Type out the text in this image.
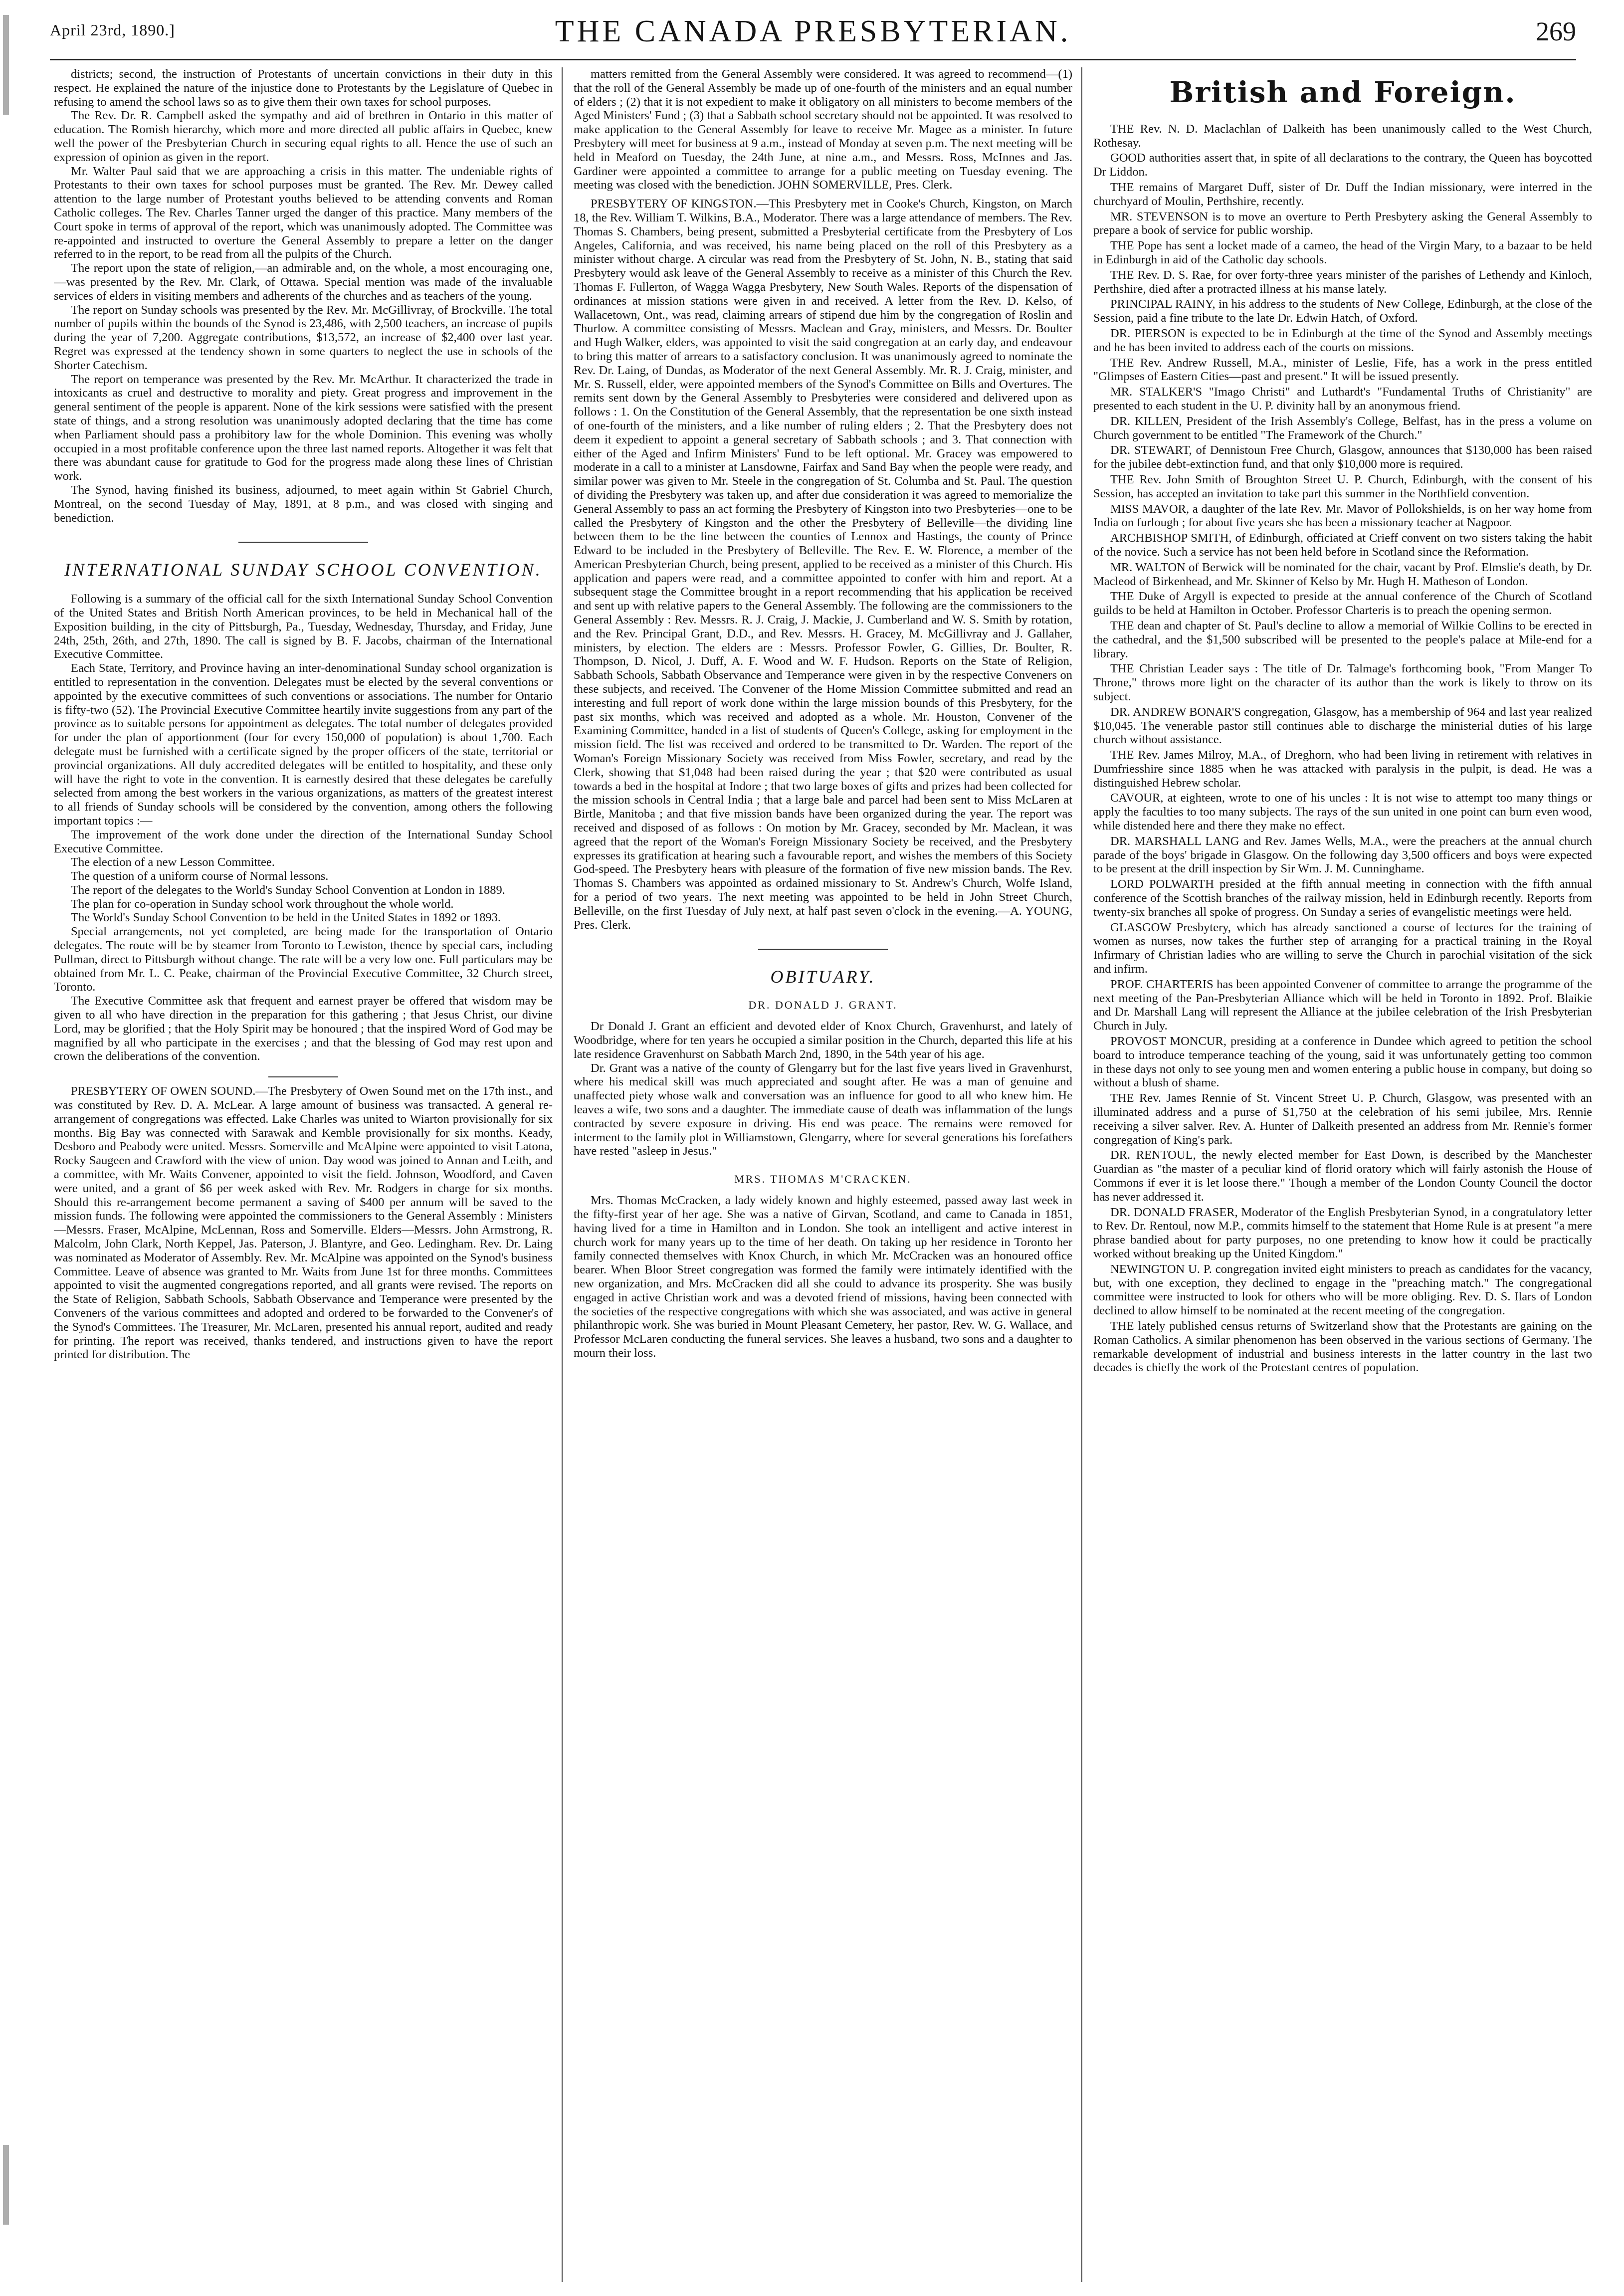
April 23rd, 1890.]	THE CANADA PRESBYTERIAN.	269

districts; second, the instruction of Protestants of uncertain convictions in their duty in this respect. He explained the nature of the injustice done to Protestants by the Legislature of Quebec in refusing to amend the school laws so as to give them their own taxes for school purposes.

The Rev. Dr. R. Campbell asked the sympathy and aid of brethren in Ontario in this matter of education. The Romish hierarchy, which more and more directed all public affairs in Quebec, knew well the power of the Presbyterian Church in securing equal rights to all. Hence the use of such an expression of opinion as given in the report.

Mr. Walter Paul said that we are approaching a crisis in this matter. The undeniable rights of Protestants to their own taxes for school purposes must be granted. The Rev. Mr. Dewey called attention to the large number of Protestant youths believed to be attending convents and Roman Catholic colleges. The Rev. Charles Tanner urged the danger of this practice. Many members of the Court spoke in terms of approval of the report, which was unanimously adopted. The Committee was re-appointed and instructed to overture the General Assembly to prepare a letter on the danger referred to in the report, to be read from all the pulpits of the Church.

The report upon the state of religion,—an admirable and, on the whole, a most encouraging one,—was presented by the Rev. Mr. Clark, of Ottawa. Special mention was made of the invaluable services of elders in visiting members and adherents of the churches and as teachers of the young.

The report on Sunday schools was presented by the Rev. Mr. McGillivray, of Brockville. The total number of pupils within the bounds of the Synod is 23,486, with 2,500 teachers, an increase of pupils during the year of 7,200. Aggregate contributions, $13,572, an increase of $2,400 over last year. Regret was expressed at the tendency shown in some quarters to neglect the use in schools of the Shorter Catechism.

The report on temperance was presented by the Rev. Mr. McArthur. It characterized the trade in intoxicants as cruel and destructive to morality and piety. Great progress and improvement in the general sentiment of the people is apparent. None of the kirk sessions were satisfied with the present state of things, and a strong resolution was unanimously adopted declaring that the time has come when Parliament should pass a prohibitory law for the whole Dominion. This evening was wholly occupied in a most profitable conference upon the three last named reports. Altogether it was felt that there was abundant cause for gratitude to God for the progress made along these lines of Christian work.

The Synod, having finished its business, adjourned, to meet again within St Gabriel Church, Montreal, on the second Tuesday of May, 1891, at 8 p.m., and was closed with singing and benediction.

INTERNATIONAL SUNDAY SCHOOL CONVENTION.

Following is a summary of the official call for the sixth International Sunday School Convention of the United States and British North American provinces, to be held in Mechanical hall of the Exposition building, in the city of Pittsburgh, Pa., Tuesday, Wednesday, Thursday, and Friday, June 24th, 25th, 26th, and 27th, 1890. The call is signed by B. F. Jacobs, chairman of the International Executive Committee.

Each State, Territory, and Province having an inter-denominational Sunday school organization is entitled to representation in the convention. Delegates must be elected by the several conventions or appointed by the executive committees of such conventions or associations. The number for Ontario is fifty-two (52). The Provincial Executive Committee heartily invite suggestions from any part of the province as to suitable persons for appointment as delegates. The total number of delegates provided for under the plan of apportionment (four for every 150,000 of population) is about 1,700. Each delegate must be furnished with a certificate signed by the proper officers of the state, territorial or provincial organizations. All duly accredited delegates will be entitled to hospitality, and these only will have the right to vote in the convention. It is earnestly desired that these delegates be carefully selected from among the best workers in the various organizations, as matters of the greatest interest to all friends of Sunday schools will be considered by the convention, among others the following important topics :—

The improvement of the work done under the direction of the International Sunday School Executive Committee.

The election of a new Lesson Committee.

The question of a uniform course of Normal lessons.

The report of the delegates to the World's Sunday School Convention at London in 1889.

The plan for co-operation in Sunday school work throughout the whole world.

The World's Sunday School Convention to be held in the United States in 1892 or 1893.

Special arrangements, not yet completed, are being made for the transportation of Ontario delegates. The route will be by steamer from Toronto to Lewiston, thence by special cars, including Pullman, direct to Pittsburgh without change. The rate will be a very low one. Full particulars may be obtained from Mr. L. C. Peake, chairman of the Provincial Executive Committee, 32 Church street, Toronto.

The Executive Committee ask that frequent and earnest prayer be offered that wisdom may be given to all who have direction in the preparation for this gathering ; that Jesus Christ, our divine Lord, may be glorified ; that the Holy Spirit may be honoured ; that the inspired Word of God may be magnified by all who participate in the exercises ; and that the blessing of God may rest upon and crown the deliberations of the convention.

PRESBYTERY OF OWEN SOUND.—The Presbytery of Owen Sound met on the 17th inst., and was constituted by Rev. D. A. McLear. A large amount of business was transacted. A general re-arrangement of congregations was effected. Lake Charles was united to Wiarton provisionally for six months. Big Bay was connected with Sarawak and Kemble provisionally for six months. Keady, Desboro and Peabody were united. Messrs. Somerville and McAlpine were appointed to visit Latona, Rocky Saugeen and Crawford with the view of union. Day wood was joined to Annan and Leith, and a committee, with Mr. Waits Convener, appointed to visit the field. Johnson, Woodford, and Caven were united, and a grant of $6 per week asked with Rev. Mr. Rodgers in charge for six months. Should this re-arrangement become permanent a saving of $400 per annum will be saved to the mission funds. The following were appointed the commissioners to the General Assembly : Ministers—Messrs. Fraser, McAlpine, McLennan, Ross and Somerville. Elders—Messrs. John Armstrong, R. Malcolm, John Clark, North Keppel, Jas. Paterson, J. Blantyre, and Geo. Ledingham. Rev. Dr. Laing was nominated as Moderator of Assembly. Rev. Mr. McAlpine was appointed on the Synod's business Committee. Leave of absence was granted to Mr. Waits from June 1st for three months. Committees appointed to visit the augmented congregations reported, and all grants were revised. The reports on the State of Religion, Sabbath Schools, Sabbath Observance and Temperance were presented by the Conveners of the various committees and adopted and ordered to be forwarded to the Convener's of the Synod's Committees. The Treasurer, Mr. McLaren, presented his annual report, audited and ready for printing. The report was received, thanks tendered, and instructions given to have the report printed for distribution. The

matters remitted from the General Assembly were considered. It was agreed to recommend—(1) that the roll of the General Assembly be made up of one-fourth of the ministers and an equal number of elders ; (2) that it is not expedient to make it obligatory on all ministers to become members of the Aged Ministers' Fund ; (3) that a Sabbath school secretary should not be appointed. It was resolved to make application to the General Assembly for leave to receive Mr. Magee as a minister. In future Presbytery will meet for business at 9 a.m., instead of Monday at seven p.m. The next meeting will be held in Meaford on Tuesday, the 24th June, at nine a.m., and Messrs. Ross, McInnes and Jas. Gardiner were appointed a committee to arrange for a public meeting on Tuesday evening. The meeting was closed with the benediction. JOHN SOMERVILLE, Pres. Clerk.

PRESBYTERY OF KINGSTON.—This Presbytery met in Cooke's Church, Kingston, on March 18, the Rev. William T. Wilkins, B.A., Moderator. There was a large attendance of members. The Rev. Thomas S. Chambers, being present, submitted a Presbyterial certificate from the Presbytery of Los Angeles, California, and was received, his name being placed on the roll of this Presbytery as a minister without charge. A circular was read from the Presbytery of St. John, N. B., stating that said Presbytery would ask leave of the General Assembly to receive as a minister of this Church the Rev. Thomas F. Fullerton, of Wagga Wagga Presbytery, New South Wales. Reports of the dispensation of ordinances at mission stations were given in and received. A letter from the Rev. D. Kelso, of Wallacetown, Ont., was read, claiming arrears of stipend due him by the congregation of Roslin and Thurlow. A committee consisting of Messrs. Maclean and Gray, ministers, and Messrs. Dr. Boulter and Hugh Walker, elders, was appointed to visit the said congregation at an early day, and endeavour to bring this matter of arrears to a satisfactory conclusion. It was unanimously agreed to nominate the Rev. Dr. Laing, of Dundas, as Moderator of the next General Assembly. Mr. R. J. Craig, minister, and Mr. S. Russell, elder, were appointed members of the Synod's Committee on Bills and Overtures. The remits sent down by the General Assembly to Presbyteries were considered and delivered upon as follows : 1. On the Constitution of the General Assembly, that the representation be one sixth instead of one-fourth of the ministers, and a like number of ruling elders ; 2. That the Presbytery does not deem it expedient to appoint a general secretary of Sabbath schools ; and 3. That connection with either of the Aged and Infirm Ministers' Fund to be left optional. Mr. Gracey was empowered to moderate in a call to a minister at Lansdowne, Fairfax and Sand Bay when the people were ready, and similar power was given to Mr. Steele in the congregation of St. Columba and St. Paul. The question of dividing the Presbytery was taken up, and after due consideration it was agreed to memorialize the General Assembly to pass an act forming the Presbytery of Kingston into two Presbyteries—one to be called the Presbytery of Kingston and the other the Presbytery of Belleville—the dividing line between them to be the line between the counties of Lennox and Hastings, the county of Prince Edward to be included in the Presbytery of Belleville. The Rev. E. W. Florence, a member of the American Presbyterian Church, being present, applied to be received as a minister of this Church. His application and papers were read, and a committee appointed to confer with him and report. At a subsequent stage the Committee brought in a report recommending that his application be received and sent up with relative papers to the General Assembly. The following are the commissioners to the General Assembly : Rev. Messrs. R. J. Craig, J. Mackie, J. Cumberland and W. S. Smith by rotation, and the Rev. Principal Grant, D.D., and Rev. Messrs. H. Gracey, M. McGillivray and J. Gallaher, ministers, by election. The elders are : Messrs. Professor Fowler, G. Gillies, Dr. Boulter, R. Thompson, D. Nicol, J. Duff, A. F. Wood and W. F. Hudson. Reports on the State of Religion, Sabbath Schools, Sabbath Observance and Temperance were given in by the respective Conveners on these subjects, and received. The Convener of the Home Mission Committee submitted and read an interesting and full report of work done within the large mission bounds of this Presbytery, for the past six months, which was received and adopted as a whole. Mr. Houston, Convener of the Examining Committee, handed in a list of students of Queen's College, asking for employment in the mission field. The list was received and ordered to be transmitted to Dr. Warden. The report of the Woman's Foreign Missionary Society was received from Miss Fowler, secretary, and read by the Clerk, showing that $1,048 had been raised during the year ; that $20 were contributed as usual towards a bed in the hospital at Indore ; that two large boxes of gifts and prizes had been collected for the mission schools in Central India ; that a large bale and parcel had been sent to Miss McLaren at Birtle, Manitoba ; and that five mission bands have been organized during the year. The report was received and disposed of as follows : On motion by Mr. Gracey, seconded by Mr. Maclean, it was agreed that the report of the Woman's Foreign Missionary Society be received, and the Presbytery expresses its gratification at hearing such a favourable report, and wishes the members of this Society God-speed. The Presbytery hears with pleasure of the formation of five new mission bands. The Rev. Thomas S. Chambers was appointed as ordained missionary to St. Andrew's Church, Wolfe Island, for a period of two years. The next meeting was appointed to be held in John Street Church, Belleville, on the first Tuesday of July next, at half past seven o'clock in the evening.—A. YOUNG, Pres. Clerk.

OBITUARY.
DR. DONALD J. GRANT.

Dr Donald J. Grant an efficient and devoted elder of Knox Church, Gravenhurst, and lately of Woodbridge, where for ten years he occupied a similar position in the Church, departed this life at his late residence Gravenhurst on Sabbath March 2nd, 1890, in the 54th year of his age.

Dr. Grant was a native of the county of Glengarry but for the last five years lived in Gravenhurst, where his medical skill was much appreciated and sought after. He was a man of genuine and unaffected piety whose walk and conversation was an influence for good to all who knew him. He leaves a wife, two sons and a daughter. The immediate cause of death was inflammation of the lungs contracted by severe exposure in driving. His end was peace. The remains were removed for interment to the family plot in Williamstown, Glengarry, where for several generations his forefathers have rested "asleep in Jesus."

MRS. THOMAS M'CRACKEN.

Mrs. Thomas McCracken, a lady widely known and highly esteemed, passed away last week in the fifty-first year of her age. She was a native of Girvan, Scotland, and came to Canada in 1851, having lived for a time in Hamilton and in London. She took an intelligent and active interest in church work for many years up to the time of her death. On taking up her residence in Toronto her family connected themselves with Knox Church, in which Mr. McCracken was an honoured office bearer. When Bloor Street congregation was formed the family were intimately identified with the new organization, and Mrs. McCracken did all she could to advance its prosperity. She was busily engaged in active Christian work and was a devoted friend of missions, having been connected with the societies of the respective congregations with which she was associated, and was active in general philanthropic work. She was buried in Mount Pleasant Cemetery, her pastor, Rev. W. G. Wallace, and Professor McLaren conducting the funeral services. She leaves a husband, two sons and a daughter to mourn their loss.

British and Foreign.

THE Rev. N. D. Maclachlan of Dalkeith has been unanimously called to the West Church, Rothesay.

GOOD authorities assert that, in spite of all declarations to the contrary, the Queen has boycotted Dr Liddon.

THE remains of Margaret Duff, sister of Dr. Duff the Indian missionary, were interred in the churchyard of Moulin, Perthshire, recently.

MR. STEVENSON is to move an overture to Perth Presbytery asking the General Assembly to prepare a book of service for public worship.

THE Pope has sent a locket made of a cameo, the head of the Virgin Mary, to a bazaar to be held in Edinburgh in aid of the Catholic day schools.

THE Rev. D. S. Rae, for over forty-three years minister of the parishes of Lethendy and Kinloch, Perthshire, died after a protracted illness at his manse lately.

PRINCIPAL RAINY, in his address to the students of New College, Edinburgh, at the close of the Session, paid a fine tribute to the late Dr. Edwin Hatch, of Oxford.

DR. PIERSON is expected to be in Edinburgh at the time of the Synod and Assembly meetings and he has been invited to address each of the courts on missions.

THE Rev. Andrew Russell, M.A., minister of Leslie, Fife, has a work in the press entitled "Glimpses of Eastern Cities—past and present." It will be issued presently.

MR. STALKER'S "Imago Christi" and Luthardt's "Fundamental Truths of Christianity" are presented to each student in the U. P. divinity hall by an anonymous friend.

DR. KILLEN, President of the Irish Assembly's College, Belfast, has in the press a volume on Church government to be entitled "The Framework of the Church."

DR. STEWART, of Dennistoun Free Church, Glasgow, announces that $130,000 has been raised for the jubilee debt-extinction fund, and that only $10,000 more is required.

THE Rev. John Smith of Broughton Street U. P. Church, Edinburgh, with the consent of his Session, has accepted an invitation to take part this summer in the Northfield convention.

MISS MAVOR, a daughter of the late Rev. Mr. Mavor of Pollokshields, is on her way home from India on furlough ; for about five years she has been a missionary teacher at Nagpoor.

ARCHBISHOP SMITH, of Edinburgh, officiated at Crieff convent on two sisters taking the habit of the novice. Such a service has not been held before in Scotland since the Reformation.

MR. WALTON of Berwick will be nominated for the chair, vacant by Prof. Elmslie's death, by Dr. Macleod of Birkenhead, and Mr. Skinner of Kelso by Mr. Hugh H. Matheson of London.

THE Duke of Argyll is expected to preside at the annual conference of the Church of Scotland guilds to be held at Hamilton in October. Professor Charteris is to preach the opening sermon.

THE dean and chapter of St. Paul's decline to allow a memorial of Wilkie Collins to be erected in the cathedral, and the $1,500 subscribed will be presented to the people's palace at Mile-end for a library.

THE Christian Leader says : The title of Dr. Talmage's forthcoming book, "From Manger To Throne," throws more light on the character of its author than the work is likely to throw on its subject.

DR. ANDREW BONAR'S congregation, Glasgow, has a membership of 964 and last year realized $10,045. The venerable pastor still continues able to discharge the ministerial duties of his large church without assistance.

THE Rev. James Milroy, M.A., of Dreghorn, who had been living in retirement with relatives in Dumfriesshire since 1885 when he was attacked with paralysis in the pulpit, is dead. He was a distinguished Hebrew scholar.

CAVOUR, at eighteen, wrote to one of his uncles : It is not wise to attempt too many things or apply the faculties to too many subjects. The rays of the sun united in one point can burn even wood, while distended here and there they make no effect.

DR. MARSHALL LANG and Rev. James Wells, M.A., were the preachers at the annual church parade of the boys' brigade in Glasgow. On the following day 3,500 officers and boys were expected to be present at the drill inspection by Sir Wm. J. M. Cunninghame.

LORD POLWARTH presided at the fifth annual meeting in connection with the fifth annual conference of the Scottish branches of the railway mission, held in Edinburgh recently. Reports from twenty-six branches all spoke of progress. On Sunday a series of evangelistic meetings were held.

GLASGOW Presbytery, which has already sanctioned a course of lectures for the training of women as nurses, now takes the further step of arranging for a practical training in the Royal Infirmary of Christian ladies who are willing to serve the Church in parochial visitation of the sick and infirm.

PROF. CHARTERIS has been appointed Convener of committee to arrange the programme of the next meeting of the Pan-Presbyterian Alliance which will be held in Toronto in 1892. Prof. Blaikie and Dr. Marshall Lang will represent the Alliance at the jubilee celebration of the Irish Presbyterian Church in July.

PROVOST MONCUR, presiding at a conference in Dundee which agreed to petition the school board to introduce temperance teaching of the young, said it was unfortunately getting too common in these days not only to see young men and women entering a public house in company, but doing so without a blush of shame.

THE Rev. James Rennie of St. Vincent Street U. P. Church, Glasgow, was presented with an illuminated address and a purse of $1,750 at the celebration of his semi jubilee, Mrs. Rennie receiving a silver salver. Rev. A. Hunter of Dalkeith presented an address from Mr. Rennie's former congregation of King's park.

DR. RENTOUL, the newly elected member for East Down, is described by the Manchester Guardian as "the master of a peculiar kind of florid oratory which will fairly astonish the House of Commons if ever it is let loose there." Though a member of the London County Council the doctor has never addressed it.

DR. DONALD FRASER, Moderator of the English Presbyterian Synod, in a congratulatory letter to Rev. Dr. Rentoul, now M.P., commits himself to the statement that Home Rule is at present "a mere phrase bandied about for party purposes, no one pretending to know how it could be practically worked without breaking up the United Kingdom."

NEWINGTON U. P. congregation invited eight ministers to preach as candidates for the vacancy, but, with one exception, they declined to engage in the "preaching match." The congregational committee were instructed to look for others who will be more obliging. Rev. D. S. Ilars of London declined to allow himself to be nominated at the recent meeting of the congregation.

THE lately published census returns of Switzerland show that the Protestants are gaining on the Roman Catholics. A similar phenomenon has been observed in the various sections of Germany. The remarkable development of industrial and business interests in the latter country in the last two decades is chiefly the work of the Protestant centres of population.
